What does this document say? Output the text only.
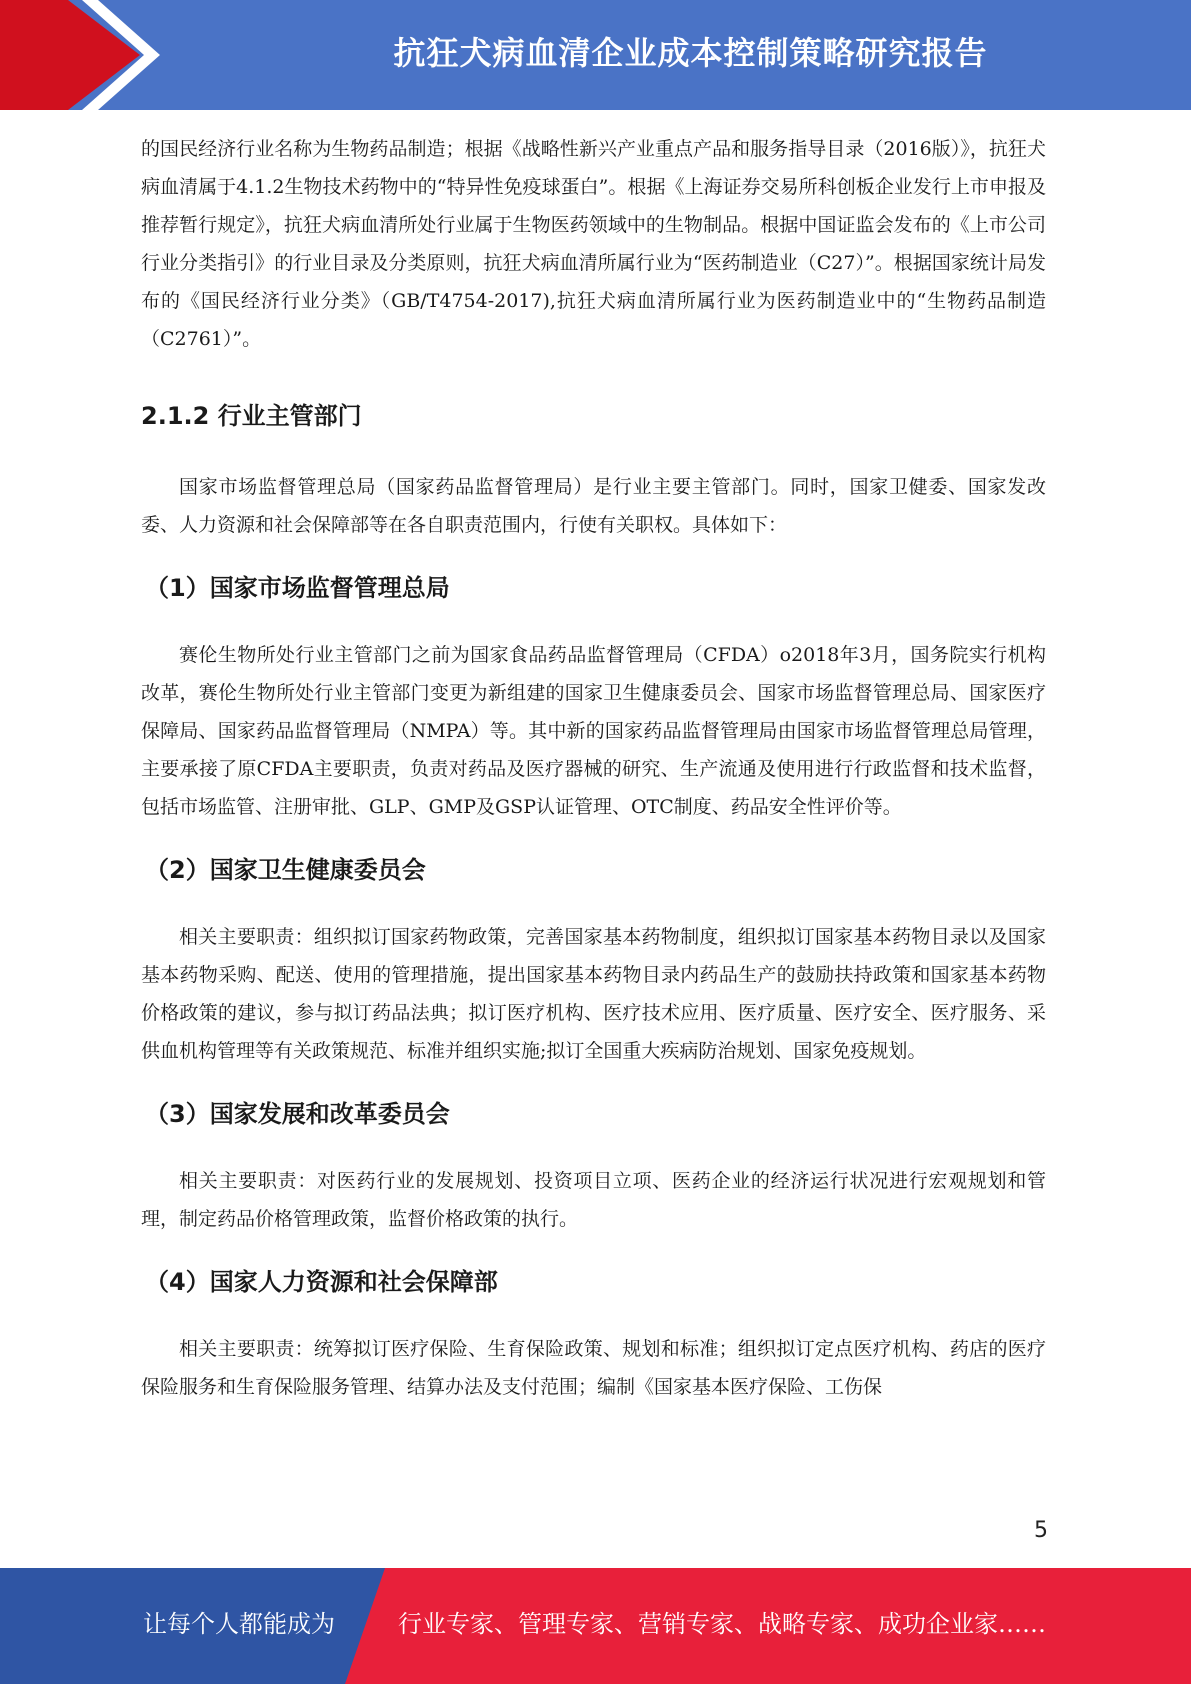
抗狂犬病血清企业成本控制策略研究报告

的国民经济行业名称为生物药品制造；根据《战略性新兴产业重点产品和服务指导目录（2016版）》，抗狂犬病血清属于4.1.2生物技术药物中的“特异性免疫球蛋白”。根据《上海证券交易所科创板企业发行上市申报及推荐暂行规定》，抗狂犬病血清所处行业属于生物医药领域中的生物制品。根据中国证监会发布的《上市公司行业分类指引》的行业目录及分类原则，抗狂犬病血清所属行业为“医药制造业（C27）”。根据国家统计局发布的《国民经济行业分类》（GB/T4754-2017),抗狂犬病血清所属行业为医药制造业中的“生物药品制造（C2761）”。

2.1.2 行业主管部门

国家市场监督管理总局（国家药品监督管理局）是行业主要主管部门。同时，国家卫健委、国家发改委、人力资源和社会保障部等在各自职责范围内，行使有关职权。具体如下：

（1）国家市场监督管理总局

赛伦生物所处行业主管部门之前为国家食品药品监督管理局（CFDA）o2018年3月，国务院实行机构改革，赛伦生物所处行业主管部门变更为新组建的国家卫生健康委员会、国家市场监督管理总局、国家医疗保障局、国家药品监督管理局（NMPA）等。其中新的国家药品监督管理局由国家市场监督管理总局管理，主要承接了原CFDA主要职责，负责对药品及医疗器械的研究、生产流通及使用进行行政监督和技术监督，包括市场监管、注册审批、GLP、GMP及GSP认证管理、OTC制度、药品安全性评价等。

（2）国家卫生健康委员会

相关主要职责：组织拟订国家药物政策，完善国家基本药物制度，组织拟订国家基本药物目录以及国家基本药物采购、配送、使用的管理措施，提出国家基本药物目录内药品生产的鼓励扶持政策和国家基本药物价格政策的建议，参与拟订药品法典；拟订医疗机构、医疗技术应用、医疗质量、医疗安全、医疗服务、采供血机构管理等有关政策规范、标准并组织实施;拟订全国重大疾病防治规划、国家免疫规划。

（3）国家发展和改革委员会

相关主要职责：对医药行业的发展规划、投资项目立项、医药企业的经济运行状况进行宏观规划和管理，制定药品价格管理政策，监督价格政策的执行。

（4）国家人力资源和社会保障部

相关主要职责：统筹拟订医疗保险、生育保险政策、规划和标准；组织拟订定点医疗机构、药店的医疗保险服务和生育保险服务管理、结算办法及支付范围；编制《国家基本医疗保险、工伤保

5
让每个人都能成为	行业专家、管理专家、营销专家、战略专家、成功企业家……
